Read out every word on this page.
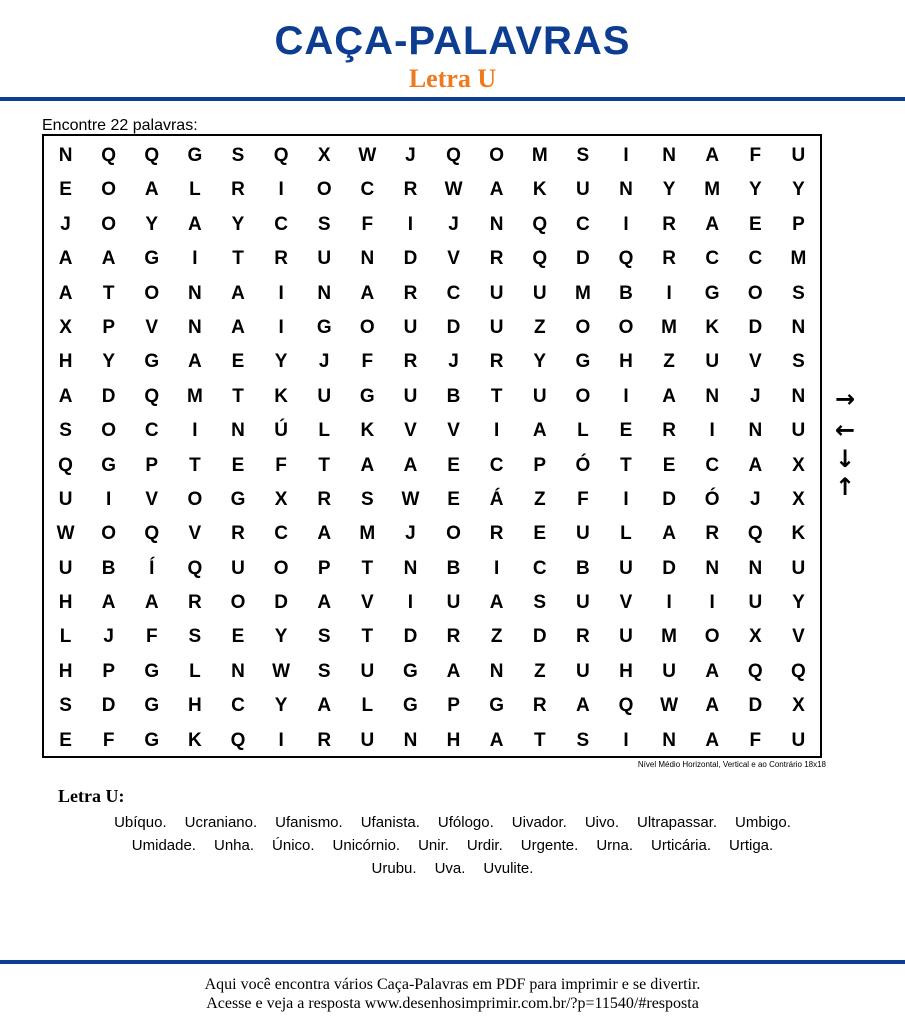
CAÇA-PALAVRAS
Letra U
Encontre 22 palavras:
N	Q	Q	G	S	Q	X	W	J	Q	O	M	S	I	N	A	F	U
E	O	A	L	R	I	O	C	R	W	A	K	U	N	Y	M	Y	Y
J	O	Y	A	Y	C	S	F	I	J	N	Q	C	I	R	A	E	P
A	A	G	I	T	R	U	N	D	V	R	Q	D	Q	R	C	C	M
A	T	O	N	A	I	N	A	R	C	U	U	M	B	I	G	O	S
X	P	V	N	A	I	G	O	U	D	U	Z	O	O	M	K	D	N
H	Y	G	A	E	Y	J	F	R	J	R	Y	G	H	Z	U	V	S
A	D	Q	M	T	K	U	G	U	B	T	U	O	I	A	N	J	N
S	O	C	I	N	Ú	L	K	V	V	I	A	L	E	R	I	N	U
Q	G	P	T	E	F	T	A	A	E	C	P	Ó	T	E	C	A	X
U	I	V	O	G	X	R	S	W	E	Á	Z	F	I	D	Ó	J	X
W	O	Q	V	R	C	A	M	J	O	R	E	U	L	A	R	Q	K
U	B	Í	Q	U	O	P	T	N	B	I	C	B	U	D	N	N	U
H	A	A	R	O	D	A	V	I	U	A	S	U	V	I	I	U	Y
L	J	F	S	E	Y	S	T	D	R	Z	D	R	U	M	O	X	V
H	P	G	L	N	W	S	U	G	A	N	Z	U	H	U	A	Q	Q
S	D	G	H	C	Y	A	L	G	P	G	R	A	Q	W	A	D	X
E	F	G	K	Q	I	R	U	N	H	A	T	S	I	N	A	F	U
Nível Médio Horizontal, Vertical e ao Contrário 18x18
→
←
↓
↑
Letra U:
Ubíquo. Ucraniano. Ufanismo. Ufanista. Ufólogo. Uivador. Uivo. Ultrapassar. Umbigo.
Umidade. Unha. Único. Unicórnio. Unir. Urdir. Urgente. Urna. Urticária. Urtiga.
Urubu. Uva. Uvulite.
Aqui você encontra vários Caça-Palavras em PDF para imprimir e se divertir.
Acesse e veja a resposta www.desenhosimprimir.com.br/?p=11540/#resposta
